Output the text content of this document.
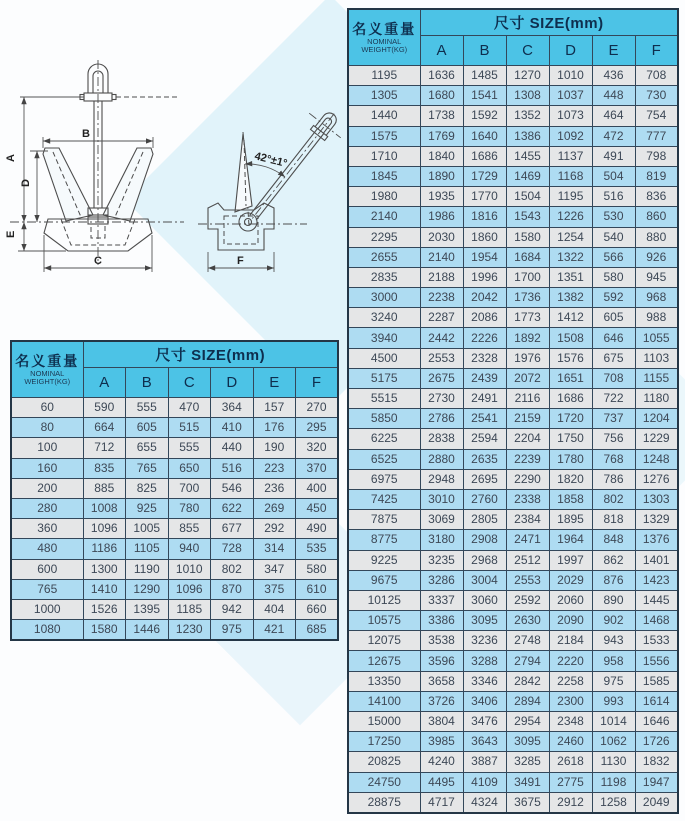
A
D
E
B
C
42°±1°
F
名义重量
NOMINAL
WEIGHT(KG)	尺寸 SIZE(mm)					
	A	B	C	D	E	F
60	590	555	470	364	157	270
80	664	605	515	410	176	295
100	712	655	555	440	190	320
160	835	765	650	516	223	370
200	885	825	700	546	236	400
280	1008	925	780	622	269	450
360	1096	1005	855	677	292	490
480	1186	1105	940	728	314	535
600	1300	1190	1010	802	347	580
765	1410	1290	1096	870	375	610
1000	1526	1395	1185	942	404	660
1080	1580	1446	1230	975	421	685
名义重量
NOMINAL
WEIGHT(KG)	尺寸 SIZE(mm)					
	A	B	C	D	E	F
1195	1636	1485	1270	1010	436	708
1305	1680	1541	1308	1037	448	730
1440	1738	1592	1352	1073	464	754
1575	1769	1640	1386	1092	472	777
1710	1840	1686	1455	1137	491	798
1845	1890	1729	1469	1168	504	819
1980	1935	1770	1504	1195	516	836
2140	1986	1816	1543	1226	530	860
2295	2030	1860	1580	1254	540	880
2655	2140	1954	1684	1322	566	926
2835	2188	1996	1700	1351	580	945
3000	2238	2042	1736	1382	592	968
3240	2287	2086	1773	1412	605	988
3940	2442	2226	1892	1508	646	1055
4500	2553	2328	1976	1576	675	1103
5175	2675	2439	2072	1651	708	1155
5515	2730	2491	2116	1686	722	1180
5850	2786	2541	2159	1720	737	1204
6225	2838	2594	2204	1750	756	1229
6525	2880	2635	2239	1780	768	1248
6975	2948	2695	2290	1820	786	1276
7425	3010	2760	2338	1858	802	1303
7875	3069	2805	2384	1895	818	1329
8775	3180	2908	2471	1964	848	1376
9225	3235	2968	2512	1997	862	1401
9675	3286	3004	2553	2029	876	1423
10125	3337	3060	2592	2060	890	1445
10575	3386	3095	2630	2090	902	1468
12075	3538	3236	2748	2184	943	1533
12675	3596	3288	2794	2220	958	1556
13350	3658	3346	2842	2258	975	1585
14100	3726	3406	2894	2300	993	1614
15000	3804	3476	2954	2348	1014	1646
17250	3985	3643	3095	2460	1062	1726
20825	4240	3887	3285	2618	1130	1832
24750	4495	4109	3491	2775	1198	1947
28875	4717	4324	3675	2912	1258	2049
